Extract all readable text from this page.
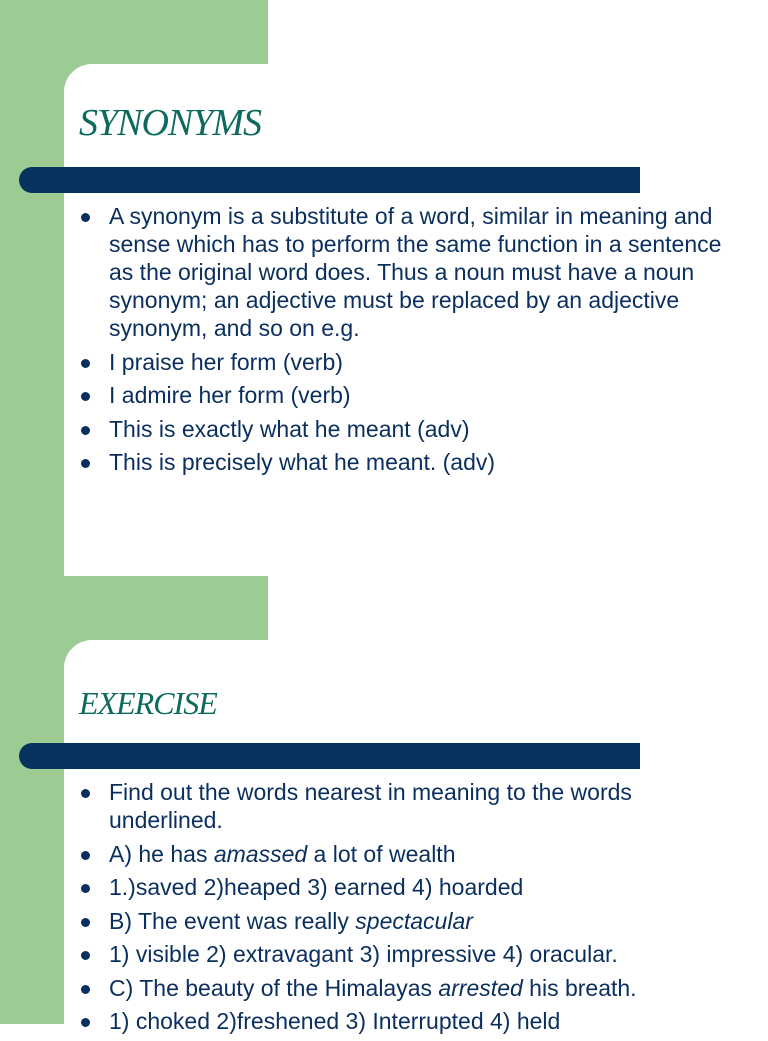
SYNONYMS
A synonym is a substitute of a word, similar in meaning and sense which has to perform the same function in a sentence as the original word does. Thus a noun must have a noun synonym; an adjective must be replaced by an adjective synonym, and so on e.g.
I praise her form (verb)
I admire her form (verb)
This is exactly what he meant (adv)
This is precisely what he meant. (adv)
EXERCISE
Find out the words nearest in meaning to the words underlined.
A) he has amassed a lot of wealth
1.)saved 2)heaped 3) earned 4) hoarded
B) The event was really spectacular
1) visible 2) extravagant 3) impressive 4) oracular.
C) The beauty of the Himalayas arrested his breath.
1) choked 2)freshened 3) Interrupted 4) held
